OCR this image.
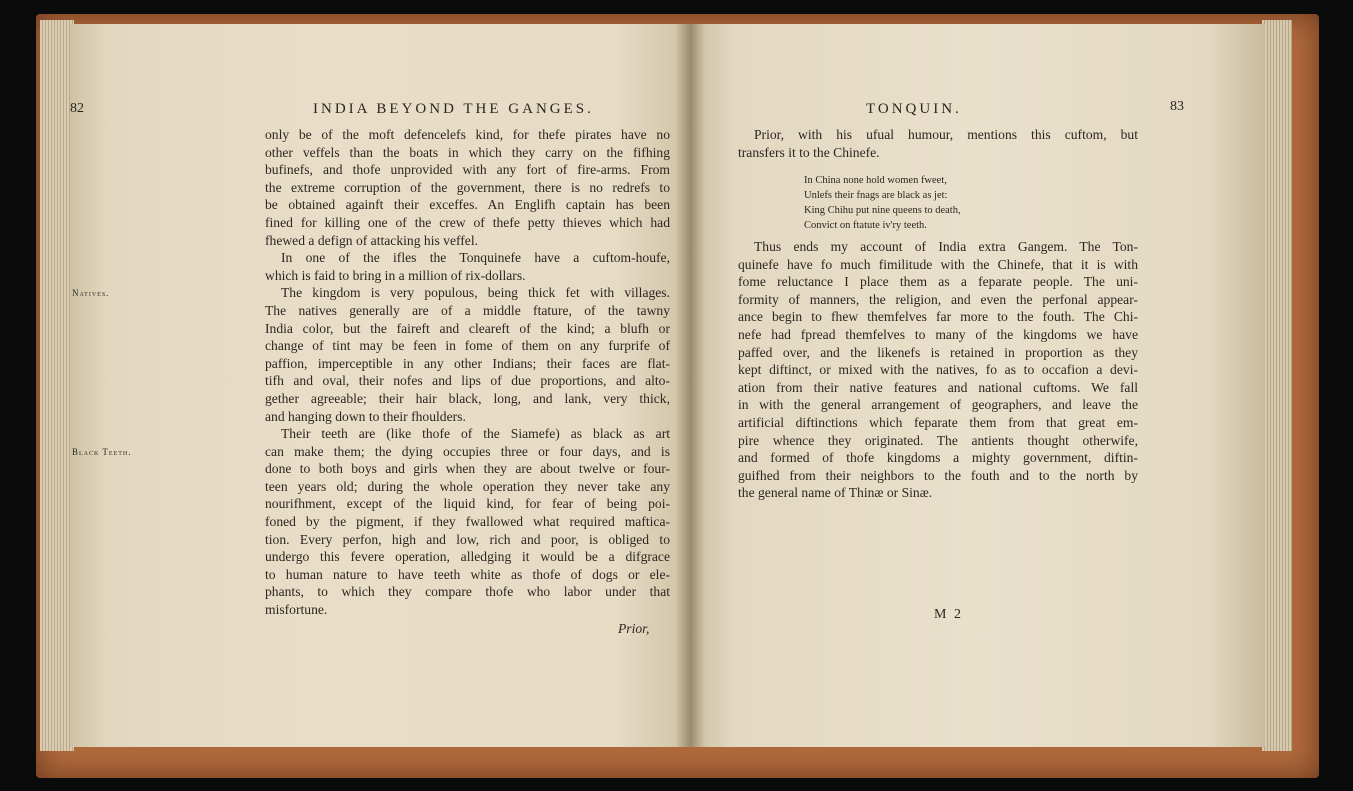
82	INDIA BEYOND THE GANGES.
Natives.
Black Teeth.

only be of the moft defencelefs kind, for thefe pirates have no

other veffels than the boats in which they carry on the fifhing

bufinefs, and thofe unprovided with any fort of fire-arms. From

the extreme corruption of the government, there is no redrefs to

be obtained againft their exceffes. An Englifh captain has been

fined for killing one of the crew of thefe petty thieves which had

fhewed a defign of attacking his veffel.

In one of the ifles the Tonquinefe have a cuftom-houfe,

which is faid to bring in a million of rix-dollars.

The kingdom is very populous, being thick fet with villages.

The natives generally are of a middle ftature, of the tawny

India color, but the faireft and cleareft of the kind; a blufh or

change of tint may be feen in fome of them on any furprife of

paffion, imperceptible in any other Indians; their faces are flat-

tifh and oval, their nofes and lips of due proportions, and alto-

gether agreeable; their hair black, long, and lank, very thick,

and hanging down to their fhoulders.

Their teeth are (like thofe of the Siamefe) as black as art

can make them; the dying occupies three or four days, and is

done to both boys and girls when they are about twelve or four-

teen years old; during the whole operation they never take any

nourifhment, except of the liquid kind, for fear of being poi-

foned by the pigment, if they fwallowed what required maftica-

tion. Every perfon, high and low, rich and poor, is obliged to

undergo this fevere operation, alledging it would be a difgrace

to human nature to have teeth white as thofe of dogs or ele-

phants, to which they compare thofe who labor under that

misfortune.

Prior,
TONQUIN.	83

Prior, with his ufual humour, mentions this cuftom, but

transfers it to the Chinefe.

In China none hold women fweet,
Unlefs their fnags are black as jet:
King Chihu put nine queens to death,
Convict on ftatute iv'ry teeth.

Thus ends my account of India extra Gangem. The Ton-

quinefe have fo much fimilitude with the Chinefe, that it is with

fome reluctance I place them as a feparate people. The uni-

formity of manners, the religion, and even the perfonal appear-

ance begin to fhew themfelves far more to the fouth. The Chi-

nefe had fpread themfelves to many of the kingdoms we have

paffed over, and the likenefs is retained in proportion as they

kept diftinct, or mixed with the natives, fo as to occafion a devi-

ation from their native features and national cuftoms. We fall

in with the general arrangement of geographers, and leave the

artificial diftinctions which feparate them from that great em-

pire whence they originated. The antients thought otherwife,

and formed of thofe kingdoms a mighty government, diftin-

guifhed from their neighbors to the fouth and to the north by

the general name of Thinæ or Sinæ.

M 2
